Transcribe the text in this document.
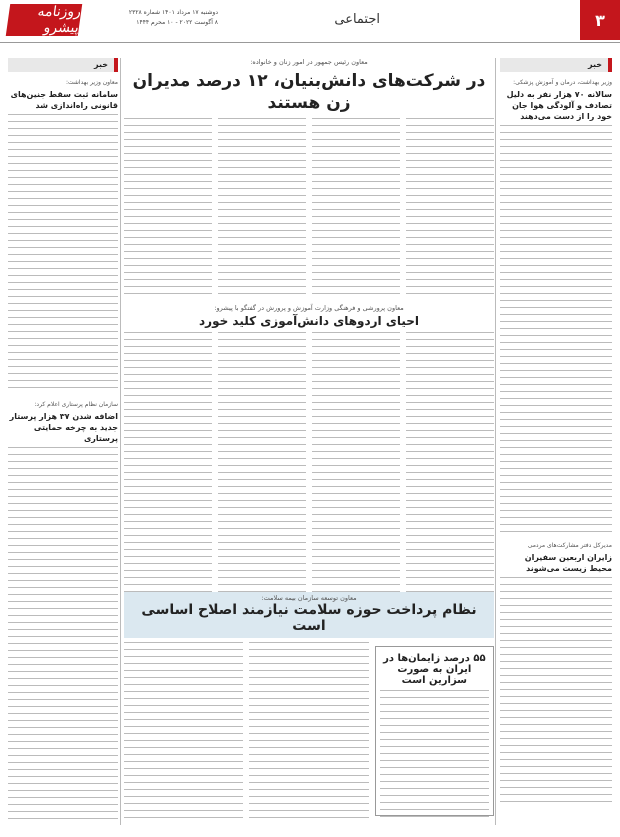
۳
اجتماعی
دوشنبه ۱۷ مرداد ۱۴۰۱ شماره ۲۳۲۸
۸ آگوست ۲۰۲۲ - ۱۰ محرم ۱۴۴۴
روزنامه پیشرو
خبر
وزیر بهداشت، درمان و آموزش پزشکی:
سالانه ۷۰ هزار نفر به دلیل تصادف و آلودگی هوا جان خود را از دست می‌دهند
مدیرکل دفتر مشارکت‌های مردمی
زایران اربعین سفیران محیط زیست می‌شوند
معاون رئیس جمهور در امور زنان و خانواده:
در شرکت‌های دانش‌بنیان، ۱۲ درصد مدیران زن هستند
معاون پرورشی و فرهنگی وزارت آموزش و پرورش در گفتگو با پیشرو:
احیای اردوهای دانش‌آموزی کلید خورد
معاون توسعه سازمان بیمه سلامت:
نظام پرداخت حوزه سلامت نیازمند اصلاح اساسی است
۵۵ درصد زایمان‌ها در ایران به صورت سزارین است
خبر
معاون وزیر بهداشت:
سامانه ثبت سقط جنین‌های قانونی راه‌اندازی شد
سازمان نظام پرستاری اعلام کرد:
اضافه شدن ۳۷ هزار پرستار جدید به چرخه حمایتی پرستاری
